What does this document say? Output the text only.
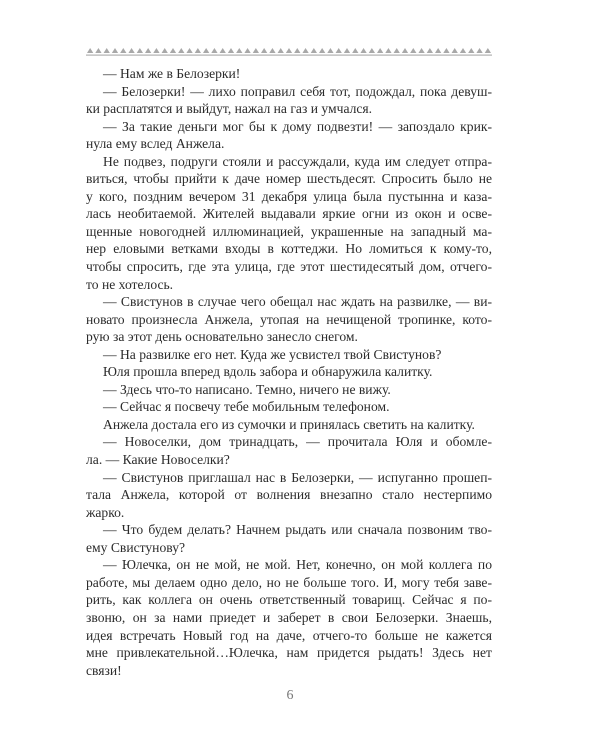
— Нам же в Белозерки!
— Белозерки! — лихо поправил себя тот, подождал, пока девуш-
ки расплатятся и выйдут, нажал на газ и умчался.
— За такие деньги мог бы к дому подвезти! — запоздало крик-
нула ему вслед Анжела.
Не подвез, подруги стояли и рассуждали, куда им следует отпра-
виться, чтобы прийти к даче номер шестьдесят. Спросить было не
у кого, поздним вечером 31 декабря улица была пустынна и каза-
лась необитаемой. Жителей выдавали яркие огни из окон и осве-
щенные новогодней иллюминацией, украшенные на западный ма-
нер еловыми ветками входы в коттеджи. Но ломиться к кому-то,
чтобы спросить, где эта улица, где этот шестидесятый дом, отчего-
то не хотелось.
— Свистунов в случае чего обещал нас ждать на развилке, — ви-
новато произнесла Анжела, утопая на нечищеной тропинке, кото-
рую за этот день основательно занесло снегом.
— На развилке его нет. Куда же усвистел твой Свистунов?
Юля прошла вперед вдоль забора и обнаружила калитку.
— Здесь что-то написано. Темно, ничего не вижу.
— Сейчас я посвечу тебе мобильным телефоном.
Анжела достала его из сумочки и принялась светить на калитку.
— Новоселки, дом тринадцать, — прочитала Юля и обомле-
ла. — Какие Новоселки?
— Свистунов приглашал нас в Белозерки, — испуганно прошеп-
тала Анжела, которой от волнения внезапно стало нестерпимо
жарко.
— Что будем делать? Начнем рыдать или сначала позвоним тво-
ему Свистунову?
— Юлечка, он не мой, не мой. Нет, конечно, он мой коллега по
работе, мы делаем одно дело, но не больше того. И, могу тебя заве-
рить, как коллега он очень ответственный товарищ. Сейчас я по-
звоню, он за нами приедет и заберет в свои Белозерки. Знаешь,
идея встречать Новый год на даче, отчего-то больше не кажется
мне привлекательной…Юлечка, нам придется рыдать! Здесь нет
связи!
6
